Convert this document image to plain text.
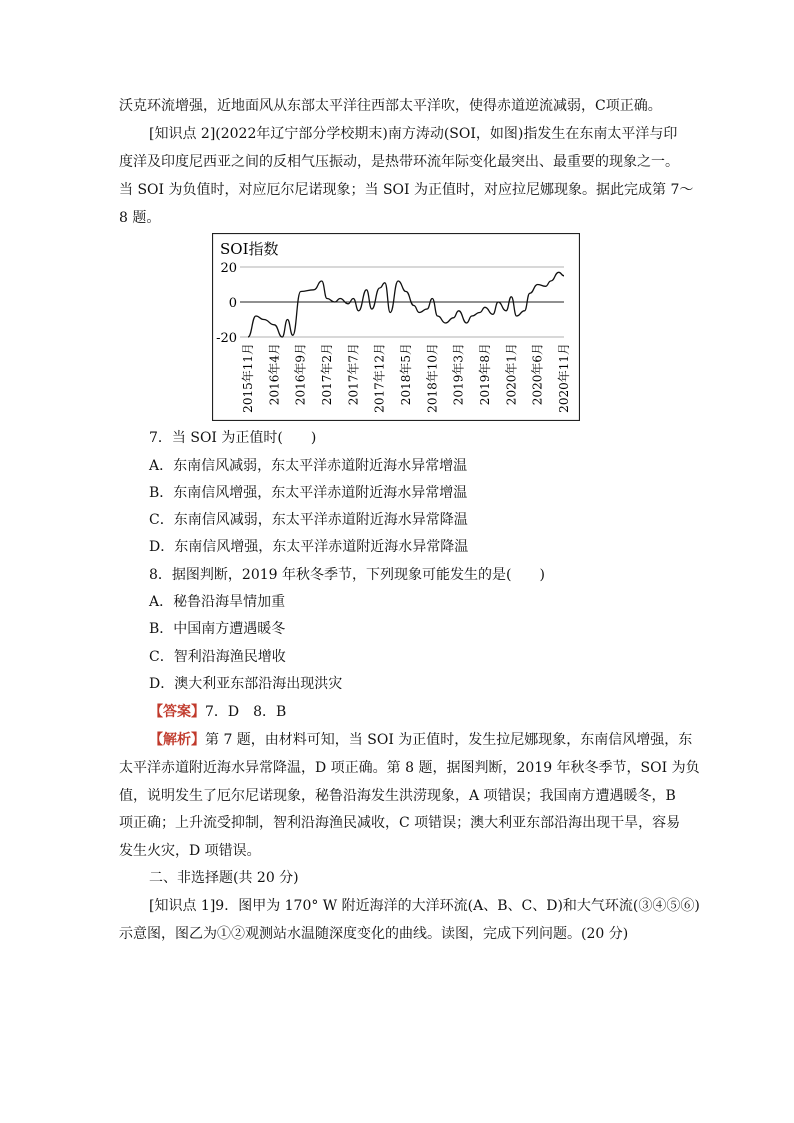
沃克环流增强，近地面风从东部太平洋往西部太平洋吹，使得赤道逆流减弱，C项正确。
[知识点 2](2022年辽宁部分学校期末)南方涛动(SOI，如图)指发生在东南太平洋与印
度洋及印度尼西亚之间的反相气压振动，是热带环流年际变化最突出、最重要的现象之一。
当 SOI 为负值时，对应厄尔尼诺现象；当 SOI 为正值时，对应拉尼娜现象。据此完成第 7～
8 题。
SOI指数
20
0
-20
2015年11月 2016年4月 2016年9月 2017年2月 2017年7月 2017年12月 2018年5月 2018年10月 2019年3月 2019年8月 2020年1月 2020年6月 2020年11月
7．当 SOI 为正值时(　　)
A．东南信风减弱，东太平洋赤道附近海水异常增温
B．东南信风增强，东太平洋赤道附近海水异常增温
C．东南信风减弱，东太平洋赤道附近海水异常降温
D．东南信风增强，东太平洋赤道附近海水异常降温
8．据图判断，2019 年秋冬季节，下列现象可能发生的是(　　)
A．秘鲁沿海旱情加重
B．中国南方遭遇暖冬
C．智利沿海渔民增收
D．澳大利亚东部沿海出现洪灾
【答案】7．D　8．B
【解析】第 7 题，由材料可知，当 SOI 为正值时，发生拉尼娜现象，东南信风增强，东
太平洋赤道附近海水异常降温，D 项正确。第 8 题，据图判断，2019 年秋冬季节，SOI 为负
值，说明发生了厄尔尼诺现象，秘鲁沿海发生洪涝现象，A 项错误；我国南方遭遇暖冬，B
项正确；上升流受抑制，智利沿海渔民减收，C 项错误；澳大利亚东部沿海出现干旱，容易
发生火灾，D 项错误。
二、非选择题(共 20 分)
[知识点 1]9．图甲为 170° W 附近海洋的大洋环流(A、B、C、D)和大气环流(③④⑤⑥)
示意图，图乙为①②观测站水温随深度变化的曲线。读图，完成下列问题。(20 分)
